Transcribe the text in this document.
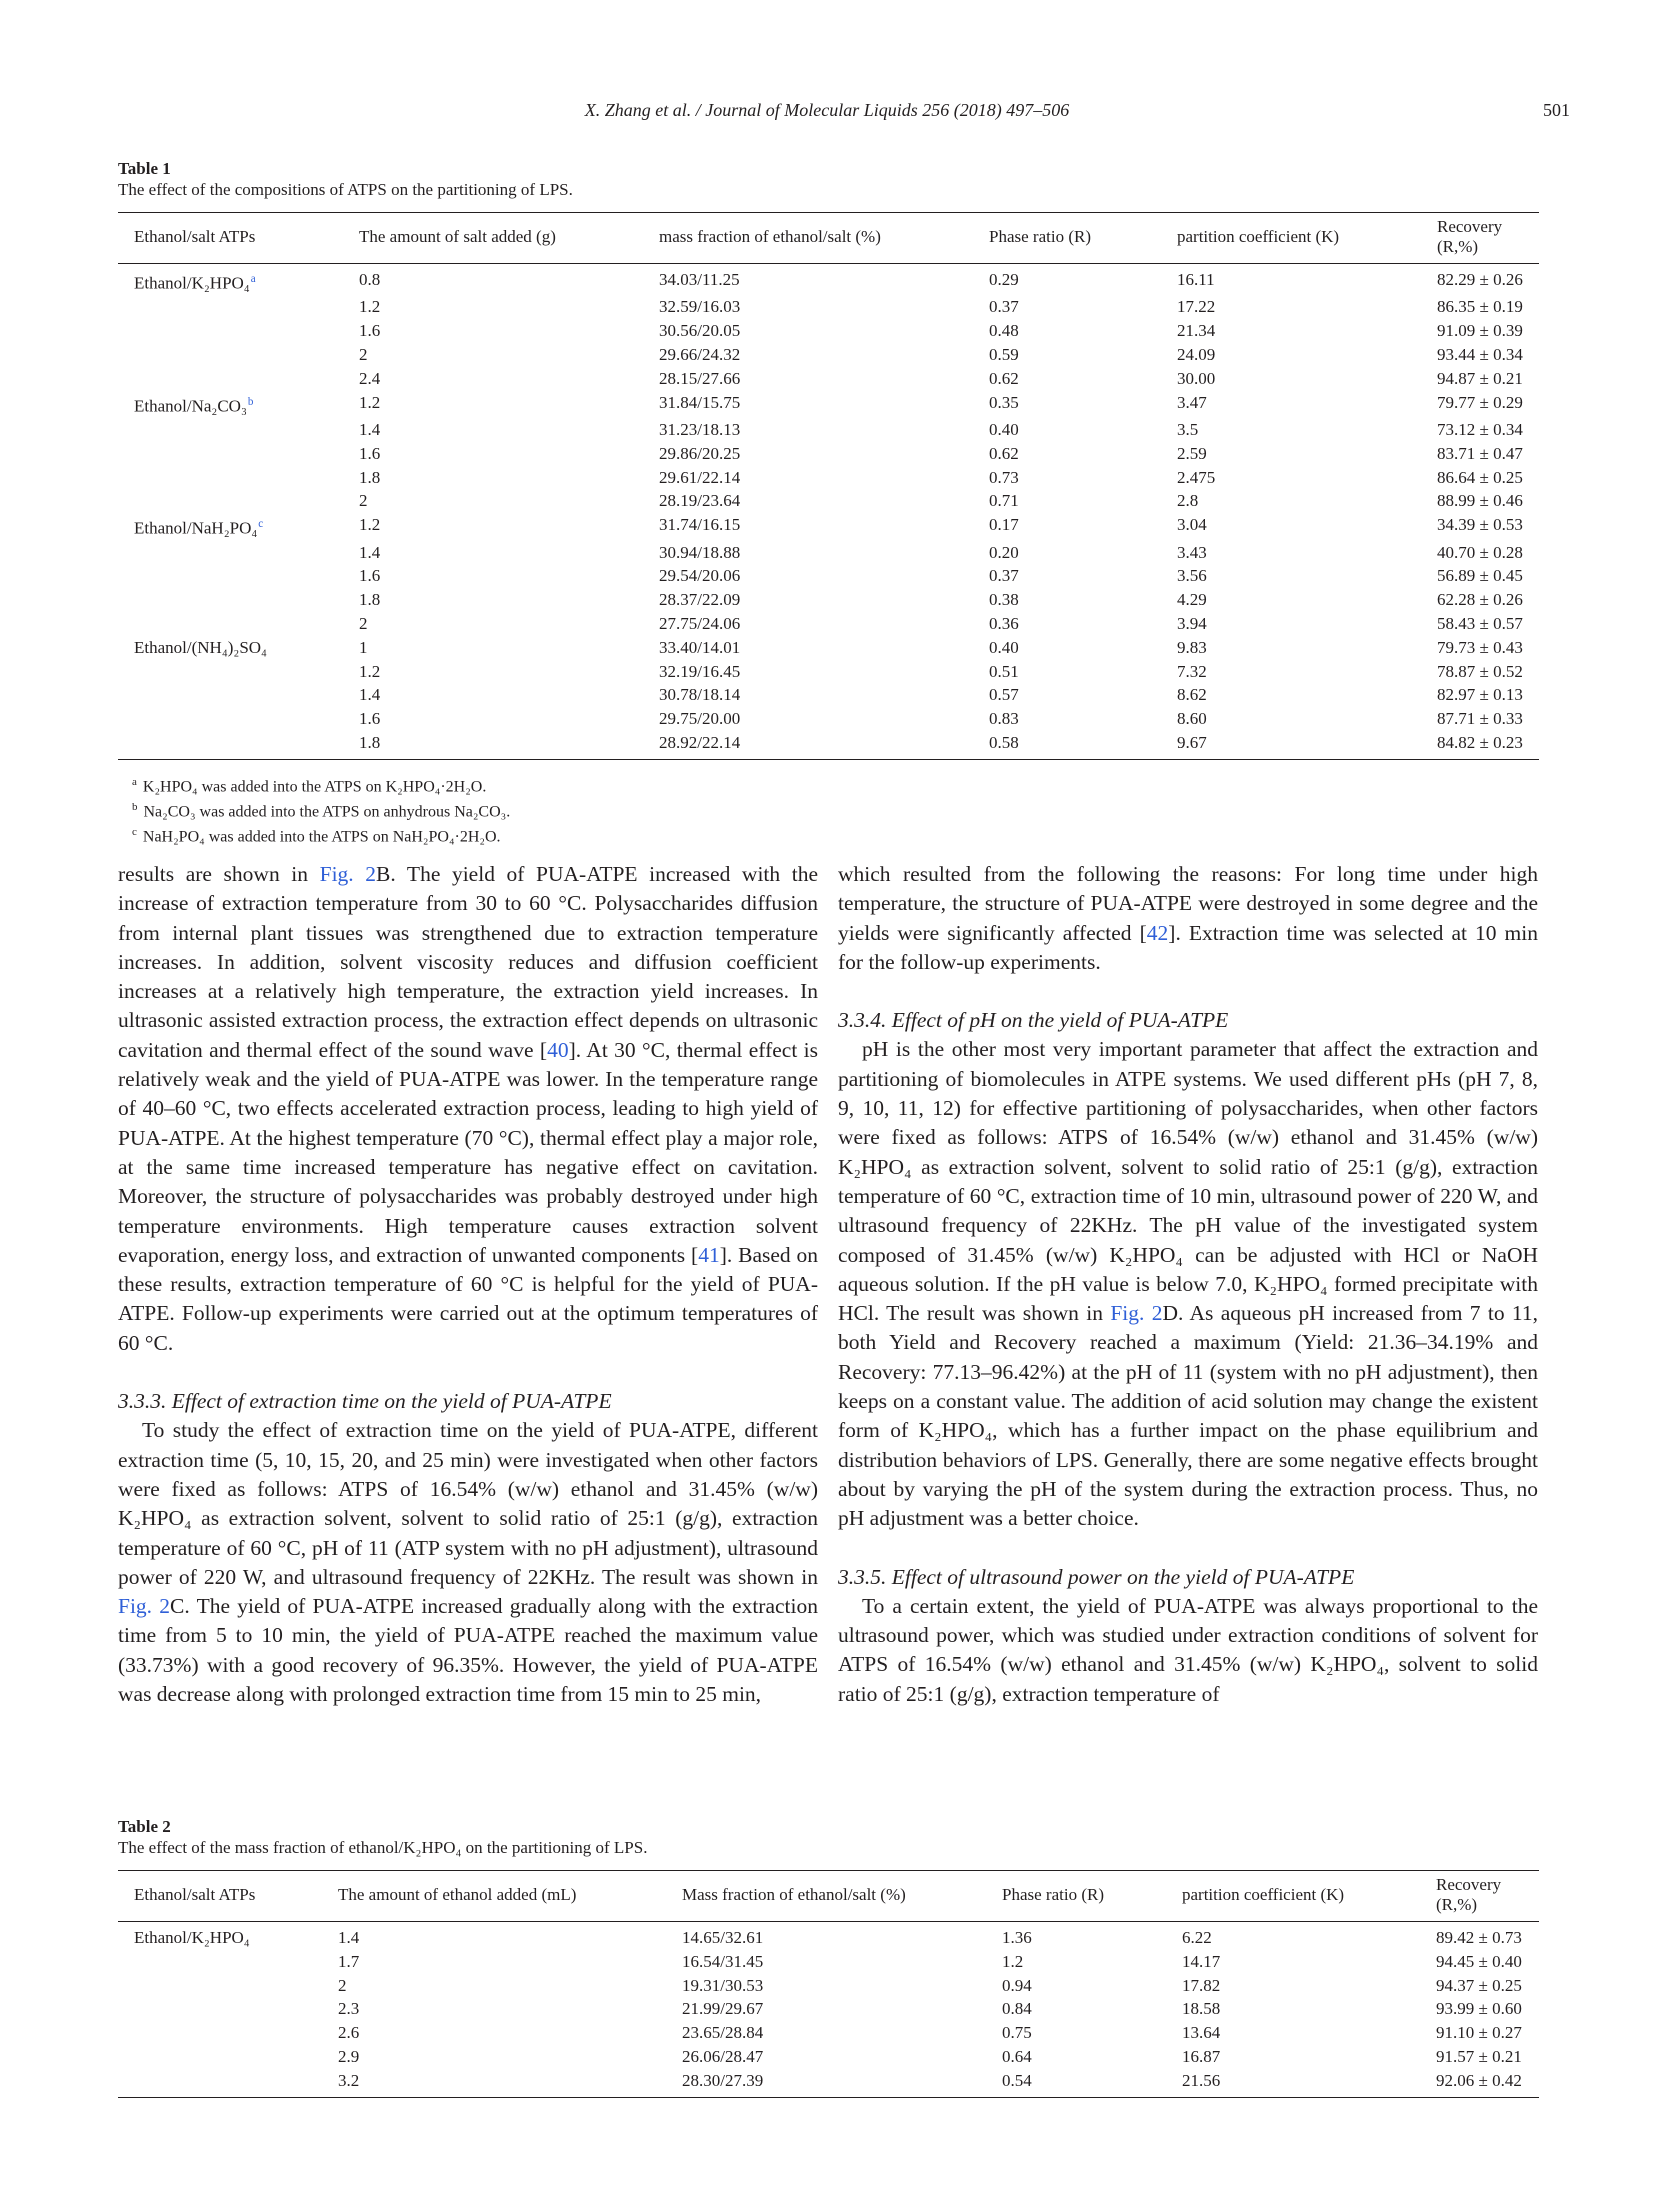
X. Zhang et al. / Journal of Molecular Liquids 256 (2018) 497–506	501

Table 1

The effect of the compositions of ATPS on the partitioning of LPS.

Ethanol/salt ATPs	The amount of salt added (g)	mass fraction of ethanol/salt (%)	Phase ratio (R)	partition coefficient (K)	Recovery (R,%)
Ethanol/K₂HPO₄$^a$	0.8	34.03/11.25	0.29	16.11	82.29 ± 0.26
	1.2	32.59/16.03	0.37	17.22	86.35 ± 0.19
	1.6	30.56/20.05	0.48	21.34	91.09 ± 0.39
	2	29.66/24.32	0.59	24.09	93.44 ± 0.34
	2.4	28.15/27.66	0.62	30.00	94.87 ± 0.21
Ethanol/Na₂CO₃$^b$	1.2	31.84/15.75	0.35	3.47	79.77 ± 0.29
	1.4	31.23/18.13	0.40	3.5	73.12 ± 0.34
	1.6	29.86/20.25	0.62	2.59	83.71 ± 0.47
	1.8	29.61/22.14	0.73	2.475	86.64 ± 0.25
	2	28.19/23.64	0.71	2.8	88.99 ± 0.46
Ethanol/NaH₂PO₄$^c$	1.2	31.74/16.15	0.17	3.04	34.39 ± 0.53
	1.4	30.94/18.88	0.20	3.43	40.70 ± 0.28
	1.6	29.54/20.06	0.37	3.56	56.89 ± 0.45
	1.8	28.37/22.09	0.38	4.29	62.28 ± 0.26
	2	27.75/24.06	0.36	3.94	58.43 ± 0.57
Ethanol/(NH₄)₂SO₄	1	33.40/14.01	0.40	9.83	79.73 ± 0.43
	1.2	32.19/16.45	0.51	7.32	78.87 ± 0.52
	1.4	30.78/18.14	0.57	8.62	82.97 ± 0.13
	1.6	29.75/20.00	0.83	8.60	87.71 ± 0.33
	1.8	28.92/22.14	0.58	9.67	84.82 ± 0.23
$^a$ K₂HPO₄ was added into the ATPS on K₂HPO₄·2H₂O.
$^b$ Na₂CO₃ was added into the ATPS on anhydrous Na₂CO₃.
$^c$ NaH₂PO₄ was added into the ATPS on NaH₂PO₄·2H₂O.

results are shown in Fig. 2B. The yield of PUA-ATPE increased with the increase of extraction temperature from 30 to 60 °C. Polysaccharides diffusion from internal plant tissues was strengthened due to extraction temperature increases. In addition, solvent viscosity reduces and diffusion coefficient increases at a relatively high temperature, the extraction yield increases. In ultrasonic assisted extraction process, the extraction effect depends on ultrasonic cavitation and thermal effect of the sound wave [40]. At 30 °C, thermal effect is relatively weak and the yield of PUA-ATPE was lower. In the temperature range of 40–60 °C, two effects accelerated extraction process, leading to high yield of PUA-ATPE. At the highest temperature (70 °C), thermal effect play a major role, at the same time increased temperature has negative effect on cavitation. Moreover, the structure of polysaccharides was probably destroyed under high temperature environments. High temperature causes extraction solvent evaporation, energy loss, and extraction of unwanted components [41]. Based on these results, extraction temperature of 60 °C is helpful for the yield of PUA-ATPE. Follow-up experiments were carried out at the optimum temperatures of 60 °C.

3.3.3. Effect of extraction time on the yield of PUA-ATPE

To study the effect of extraction time on the yield of PUA-ATPE, different extraction time (5, 10, 15, 20, and 25 min) were investigated when other factors were fixed as follows: ATPS of 16.54% (w/w) ethanol and 31.45% (w/w) K₂HPO₄ as extraction solvent, solvent to solid ratio of 25:1 (g/g), extraction temperature of 60 °C, pH of 11 (ATP system with no pH adjustment), ultrasound power of 220 W, and ultrasound frequency of 22KHz. The result was shown in Fig. 2C. The yield of PUA-ATPE increased gradually along with the extraction time from 5 to 10 min, the yield of PUA-ATPE reached the maximum value (33.73%) with a good recovery of 96.35%. However, the yield of PUA-ATPE was decrease along with prolonged extraction time from 15 min to 25 min,

which resulted from the following the reasons: For long time under high temperature, the structure of PUA-ATPE were destroyed in some degree and the yields were significantly affected [42]. Extraction time was selected at 10 min for the follow-up experiments.

3.3.4. Effect of pH on the yield of PUA-ATPE

pH is the other most very important parameter that affect the extraction and partitioning of biomolecules in ATPE systems. We used different pHs (pH 7, 8, 9, 10, 11, 12) for effective partitioning of polysaccharides, when other factors were fixed as follows: ATPS of 16.54% (w/w) ethanol and 31.45% (w/w) K₂HPO₄ as extraction solvent, solvent to solid ratio of 25:1 (g/g), extraction temperature of 60 °C, extraction time of 10 min, ultrasound power of 220 W, and ultrasound frequency of 22KHz. The pH value of the investigated system composed of 31.45% (w/w) K₂HPO₄ can be adjusted with HCl or NaOH aqueous solution. If the pH value is below 7.0, K₂HPO₄ formed precipitate with HCl. The result was shown in Fig. 2D. As aqueous pH increased from 7 to 11, both Yield and Recovery reached a maximum (Yield: 21.36–34.19% and Recovery: 77.13–96.42%) at the pH of 11 (system with no pH adjustment), then keeps on a constant value. The addition of acid solution may change the existent form of K₂HPO₄, which has a further impact on the phase equilibrium and distribution behaviors of LPS. Generally, there are some negative effects brought about by varying the pH of the system during the extraction process. Thus, no pH adjustment was a better choice.

3.3.5. Effect of ultrasound power on the yield of PUA-ATPE

To a certain extent, the yield of PUA-ATPE was always proportional to the ultrasound power, which was studied under extraction conditions of solvent for ATPS of 16.54% (w/w) ethanol and 31.45% (w/w) K₂HPO₄, solvent to solid ratio of 25:1 (g/g), extraction temperature of

Table 2

The effect of the mass fraction of ethanol/K₂HPO₄ on the partitioning of LPS.

Ethanol/salt ATPs	The amount of ethanol added (mL)	Mass fraction of ethanol/salt (%)	Phase ratio (R)	partition coefficient (K)	Recovery (R,%)
Ethanol/K₂HPO₄	1.4	14.65/32.61	1.36	6.22	89.42 ± 0.73
	1.7	16.54/31.45	1.2	14.17	94.45 ± 0.40
	2	19.31/30.53	0.94	17.82	94.37 ± 0.25
	2.3	21.99/29.67	0.84	18.58	93.99 ± 0.60
	2.6	23.65/28.84	0.75	13.64	91.10 ± 0.27
	2.9	26.06/28.47	0.64	16.87	91.57 ± 0.21
	3.2	28.30/27.39	0.54	21.56	92.06 ± 0.42
